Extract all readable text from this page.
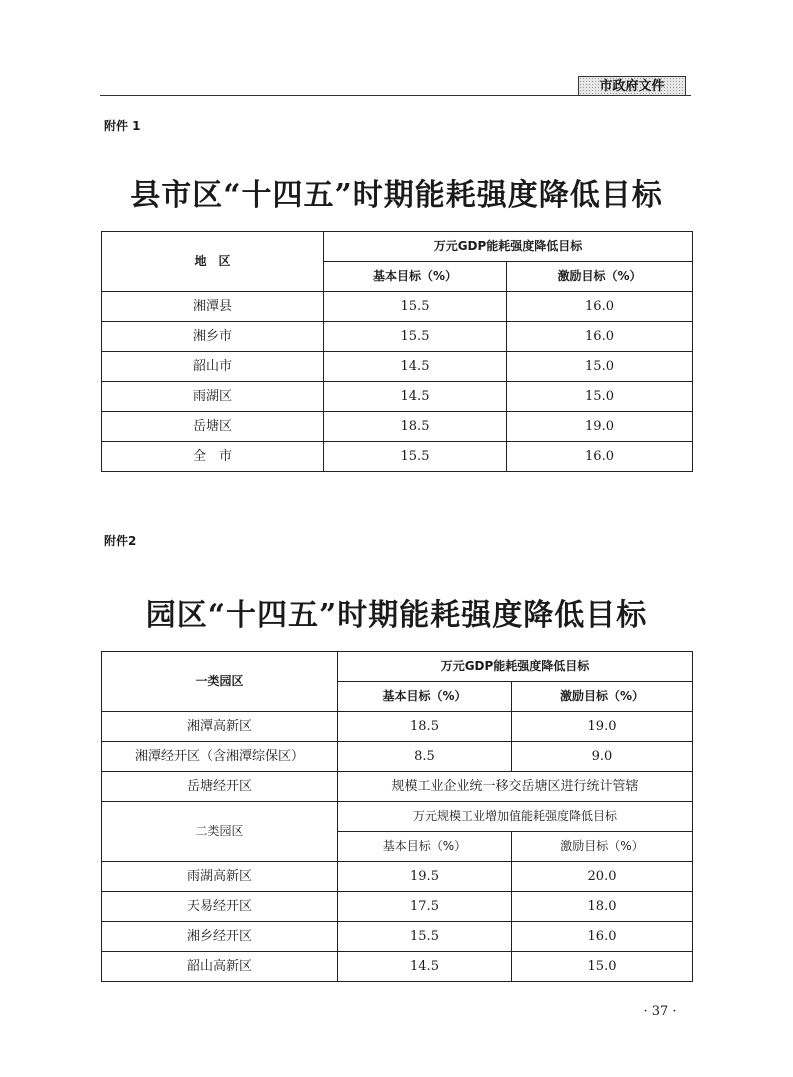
市政府文件
附件 1
县市区“十四五”时期能耗强度降低目标
地　区	万元GDP能耗强度降低目标	
	基本目标（%）	激励目标（%）
湘潭县	15.5	16.0
湘乡市	15.5	16.0
韶山市	14.5	15.0
雨湖区	14.5	15.0
岳塘区	18.5	19.0
全　市	15.5	16.0
附件2
园区“十四五”时期能耗强度降低目标
一类园区	万元GDP能耗强度降低目标	
	基本目标（%）	激励目标（%）
湘潭高新区	18.5	19.0
湘潭经开区（含湘潭综保区）	8.5	9.0
岳塘经开区	规模工业企业统一移交岳塘区进行统计管辖	
二类园区	万元规模工业增加值能耗强度降低目标	
	基本目标（%）	激励目标（%）
雨湖高新区	19.5	20.0
天易经开区	17.5	18.0
湘乡经开区	15.5	16.0
韶山高新区	14.5	15.0
· 37 ·
